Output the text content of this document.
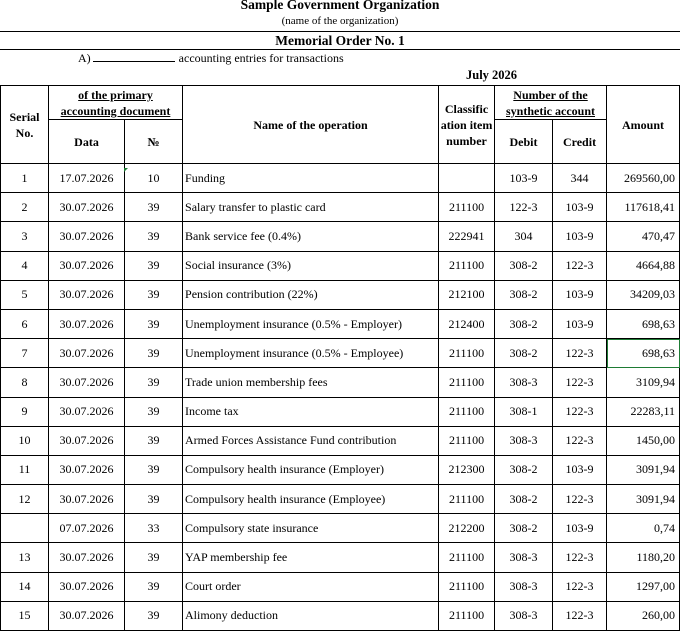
Sample Government Organization
(name of the organization)
Memorial Order No. 1
A)	accounting entries for transactions
July 2026
Serial No.	of the primary accounting document		Name of the operation	Classific ation item number	Number of the synthetic account		Amount
	Data	№			Debit	Credit	
1	17.07.2026	10	Funding		103-9	344	269560,00
2	30.07.2026	39	Salary transfer to plastic card	211100	122-3	103-9	117618,41
3	30.07.2026	39	Bank service fee (0.4%)	222941	304	103-9	470,47
4	30.07.2026	39	Social insurance (3%)	211100	308-2	122-3	4664,88
5	30.07.2026	39	Pension contribution (22%)	212100	308-2	103-9	34209,03
6	30.07.2026	39	Unemployment insurance (0.5% - Employer)	212400	308-2	103-9	698,63
7	30.07.2026	39	Unemployment insurance (0.5% - Employee)	211100	308-2	122-3	698,63
8	30.07.2026	39	Trade union membership fees	211100	308-3	122-3	3109,94
9	30.07.2026	39	Income tax	211100	308-1	122-3	22283,11
10	30.07.2026	39	Armed Forces Assistance Fund contribution	211100	308-3	122-3	1450,00
11	30.07.2026	39	Compulsory health insurance (Employer)	212300	308-2	103-9	3091,94
12	30.07.2026	39	Compulsory health insurance (Employee)	211100	308-2	122-3	3091,94
	07.07.2026	33	Compulsory state insurance	212200	308-2	103-9	0,74
13	30.07.2026	39	YAP membership fee	211100	308-3	122-3	1180,20
14	30.07.2026	39	Court order	211100	308-3	122-3	1297,00
15	30.07.2026	39	Alimony deduction	211100	308-3	122-3	260,00
